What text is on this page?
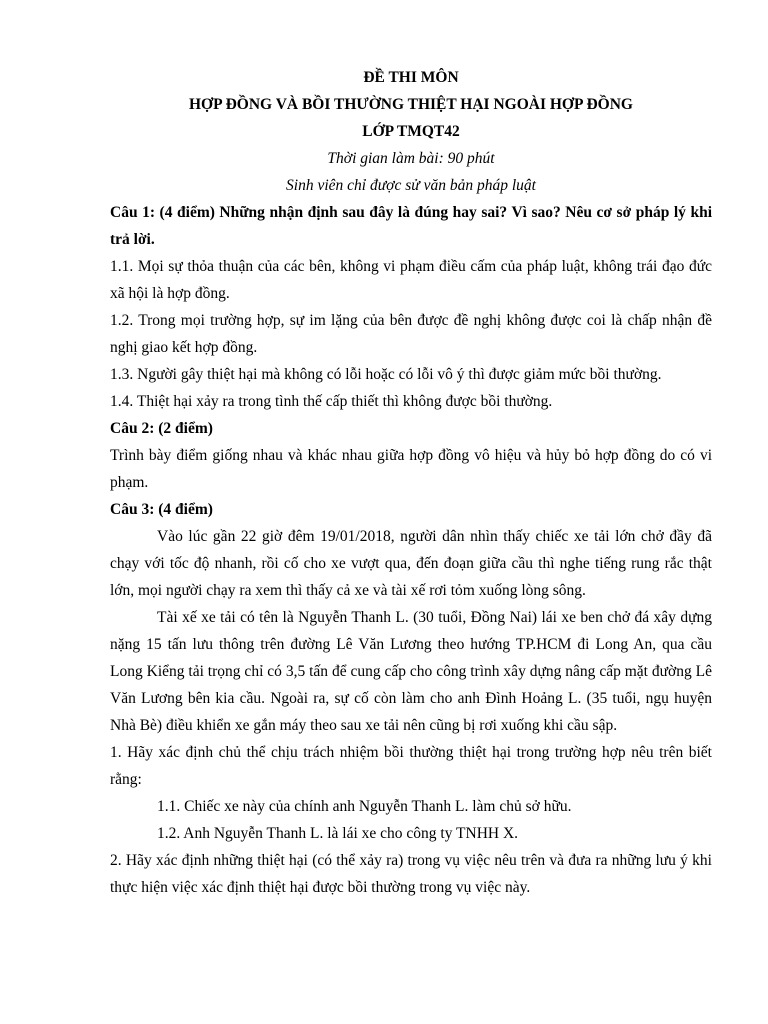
ĐỀ THI MÔN
HỢP ĐỒNG VÀ BỒI THƯỜNG THIỆT HẠI NGOÀI HỢP ĐỒNG
LỚP TMQT42
Thời gian làm bài: 90 phút
Sinh viên chỉ được sử văn bản pháp luật

Câu 1: (4 điểm) Những nhận định sau đây là đúng hay sai? Vì sao? Nêu cơ sở pháp lý khi trả lời.

1.1. Mọi sự thỏa thuận của các bên, không vi phạm điều cấm của pháp luật, không trái đạo đức xã hội là hợp đồng.

1.2. Trong mọi trường hợp, sự im lặng của bên được đề nghị không được coi là chấp nhận đề nghị giao kết hợp đồng.

1.3. Người gây thiệt hại mà không có lỗi hoặc có lỗi vô ý thì được giảm mức bồi thường.

1.4. Thiệt hại xảy ra trong tình thế cấp thiết thì không được bồi thường.

Câu 2: (2 điểm)

Trình bày điểm giống nhau và khác nhau giữa hợp đồng vô hiệu và hủy bỏ hợp đồng do có vi phạm.

Câu 3: (4 điểm)

Vào lúc gần 22 giờ đêm 19/01/2018, người dân nhìn thấy chiếc xe tải lớn chở đầy đã chạy với tốc độ nhanh, rồi cố cho xe vượt qua, đến đoạn giữa cầu thì nghe tiếng rung rắc thật lớn, mọi người chạy ra xem thì thấy cả xe và tài xế rơi tỏm xuống lòng sông.

Tài xế xe tải có tên là Nguyễn Thanh L. (30 tuổi, Đồng Nai) lái xe ben chở đá xây dựng nặng 15 tấn lưu thông trên đường Lê Văn Lương theo hướng TP.HCM đi Long An, qua cầu Long Kiểng tải trọng chỉ có 3,5 tấn để cung cấp cho công trình xây dựng nâng cấp mặt đường Lê Văn Lương bên kia cầu. Ngoài ra, sự cố còn làm cho anh Đình Hoảng L. (35 tuổi, ngụ huyện Nhà Bè) điều khiển xe gắn máy theo sau xe tải nên cũng bị rơi xuống khi cầu sập.

1. Hãy xác định chủ thể chịu trách nhiệm bồi thường thiệt hại trong trường hợp nêu trên biết rằng:

1.1. Chiếc xe này của chính anh Nguyễn Thanh L. làm chủ sở hữu.

1.2. Anh Nguyễn Thanh L. là lái xe cho công ty TNHH X.

2. Hãy xác định những thiệt hại (có thể xảy ra) trong vụ việc nêu trên và đưa ra những lưu ý khi thực hiện việc xác định thiệt hại được bồi thường trong vụ việc này.
